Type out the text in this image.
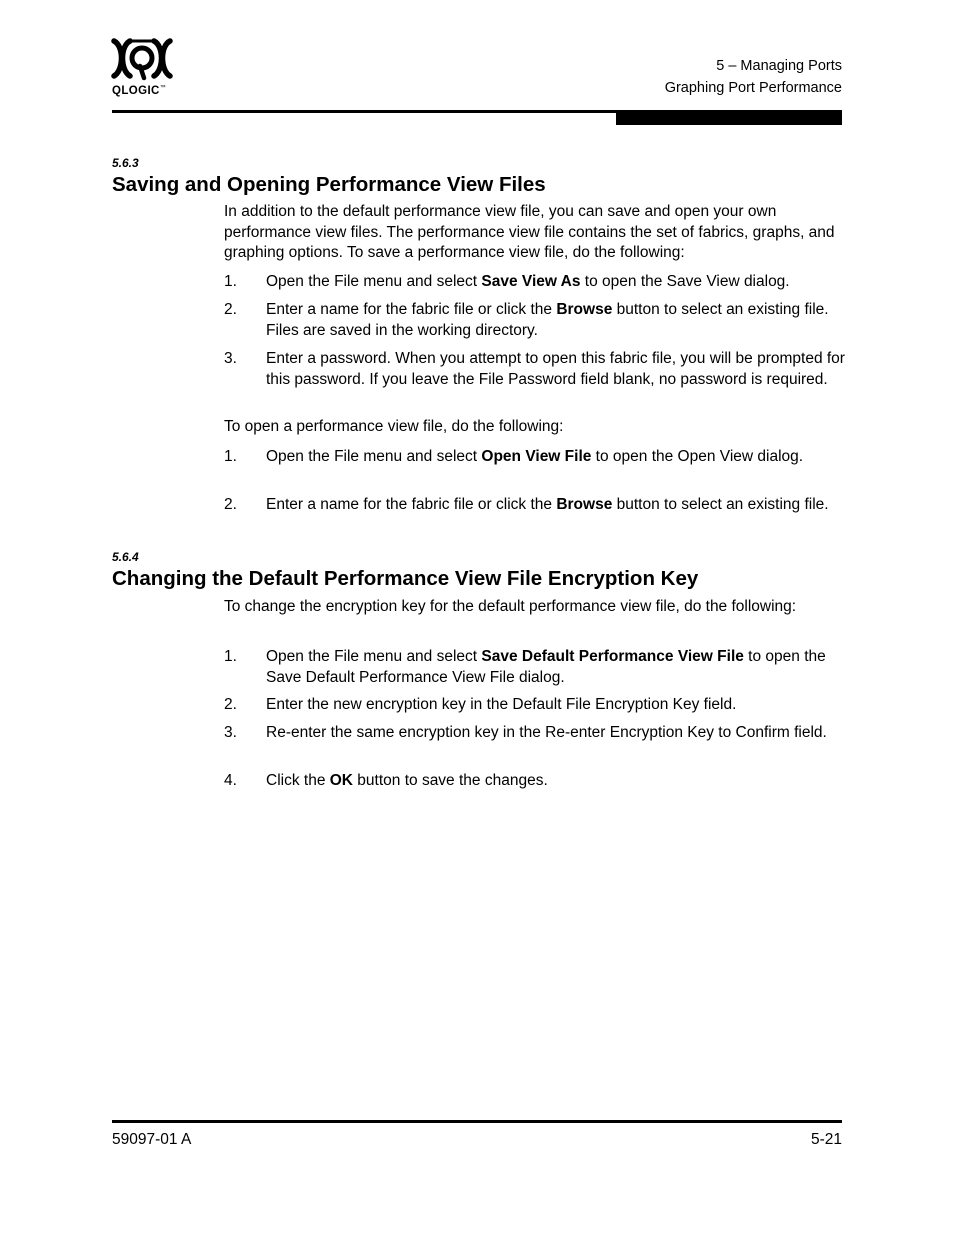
QLOGIC™
5 – Managing Ports
Graphing Port Performance
5.6.3
Saving and Opening Performance View Files
In addition to the default performance view file, you can save and open your own performance view files. The performance view file contains the set of fabrics, graphs, and graphing options. To save a performance view file, do the following:
1. Open the File menu and select Save View As to open the Save View dialog.
2. Enter a name for the fabric file or click the Browse button to select an existing file. Files are saved in the working directory.
3. Enter a password. When you attempt to open this fabric file, you will be prompted for this password. If you leave the File Password field blank, no password is required.
To open a performance view file, do the following:
1. Open the File menu and select Open View File to open the Open View dialog.
2. Enter a name for the fabric file or click the Browse button to select an existing file.
5.6.4
Changing the Default Performance View File Encryption Key
To change the encryption key for the default performance view file, do the following:
1. Open the File menu and select Save Default Performance View File to open the Save Default Performance View File dialog.
2. Enter the new encryption key in the Default File Encryption Key field.
3. Re-enter the same encryption key in the Re-enter Encryption Key to Confirm field.
4. Click the OK button to save the changes.
59097-01 A	5-21
